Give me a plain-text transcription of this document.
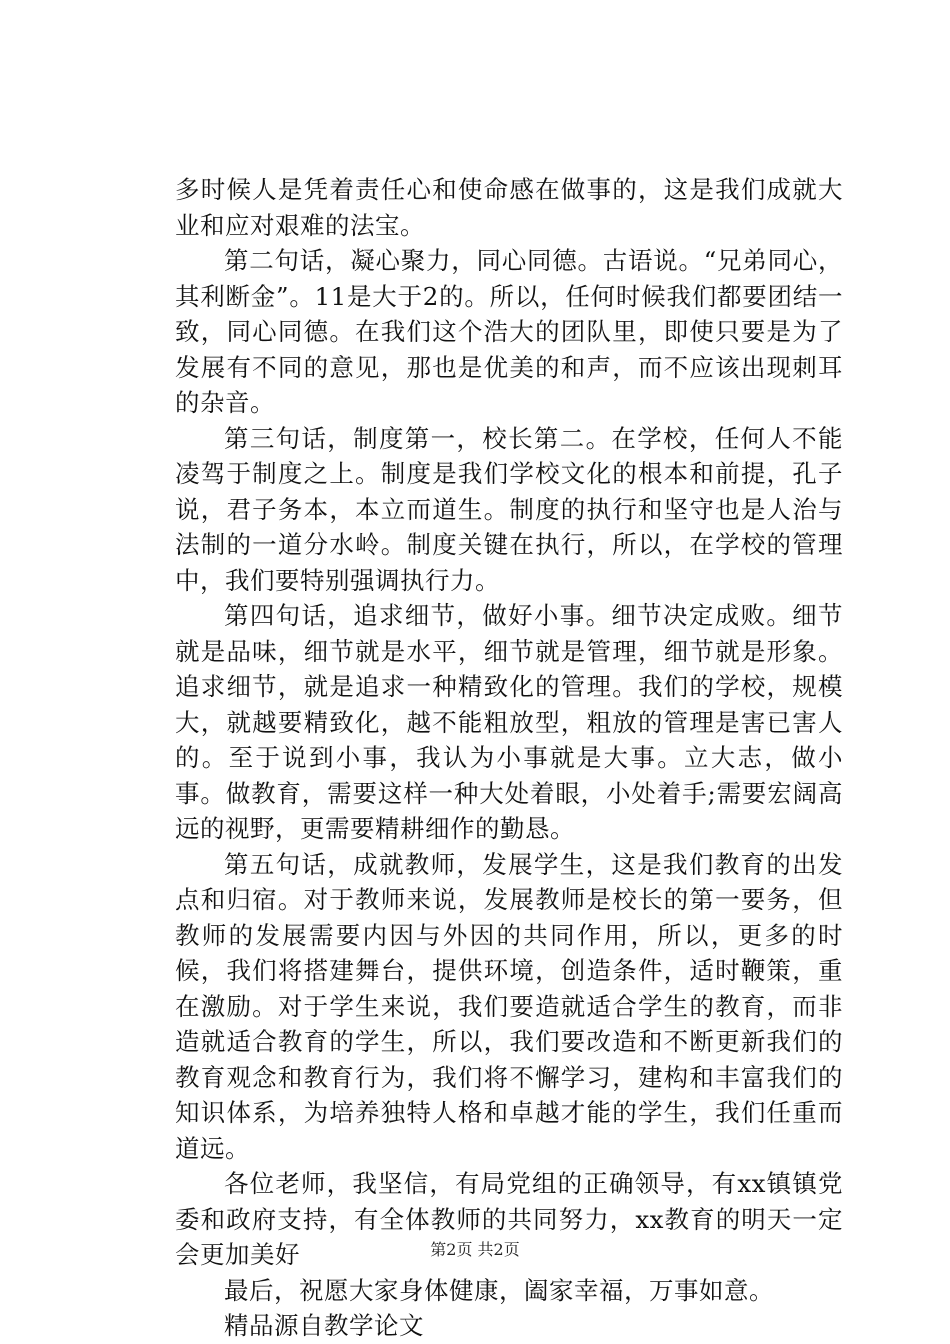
多时候人是凭着责任心和使命感在做事的，这是我们成就大业和应对艰难的法宝。

第二句话，凝心聚力，同心同德。古语说。“兄弟同心，其利断金”。11是大于2的。所以，任何时候我们都要团结一致，同心同德。在我们这个浩大的团队里，即使只要是为了发展有不同的意见，那也是优美的和声，而不应该出现刺耳的杂音。

第三句话，制度第一，校长第二。在学校，任何人不能凌驾于制度之上。制度是我们学校文化的根本和前提，孔子说，君子务本，本立而道生。制度的执行和坚守也是人治与法制的一道分水岭。制度关键在执行，所以，在学校的管理中，我们要特别强调执行力。

第四句话，追求细节，做好小事。细节决定成败。细节就是品味，细节就是水平，细节就是管理，细节就是形象。追求细节，就是追求一种精致化的管理。我们的学校，规模大，就越要精致化，越不能粗放型，粗放的管理是害已害人的。至于说到小事，我认为小事就是大事。立大志，做小事。做教育，需要这样一种大处着眼，小处着手;需要宏阔高远的视野，更需要精耕细作的勤恳。

第五句话，成就教师，发展学生，这是我们教育的出发点和归宿。对于教师来说，发展教师是校长的第一要务，但教师的发展需要内因与外因的共同作用，所以，更多的时候，我们将搭建舞台，提供环境，创造条件，适时鞭策，重在激励。对于学生来说，我们要造就适合学生的教育，而非造就适合教育的学生，所以，我们要改造和不断更新我们的教育观念和教育行为，我们将不懈学习，建构和丰富我们的知识体系，为培养独特人格和卓越才能的学生，我们任重而道远。

各位老师，我坚信，有局党组的正确领导，有xx镇镇党委和政府支持，有全体教师的共同努力，xx教育的明天一定会更加美好

最后，祝愿大家身体健康，阖家幸福，万事如意。

精品源自教学论文

第2页 共2页
